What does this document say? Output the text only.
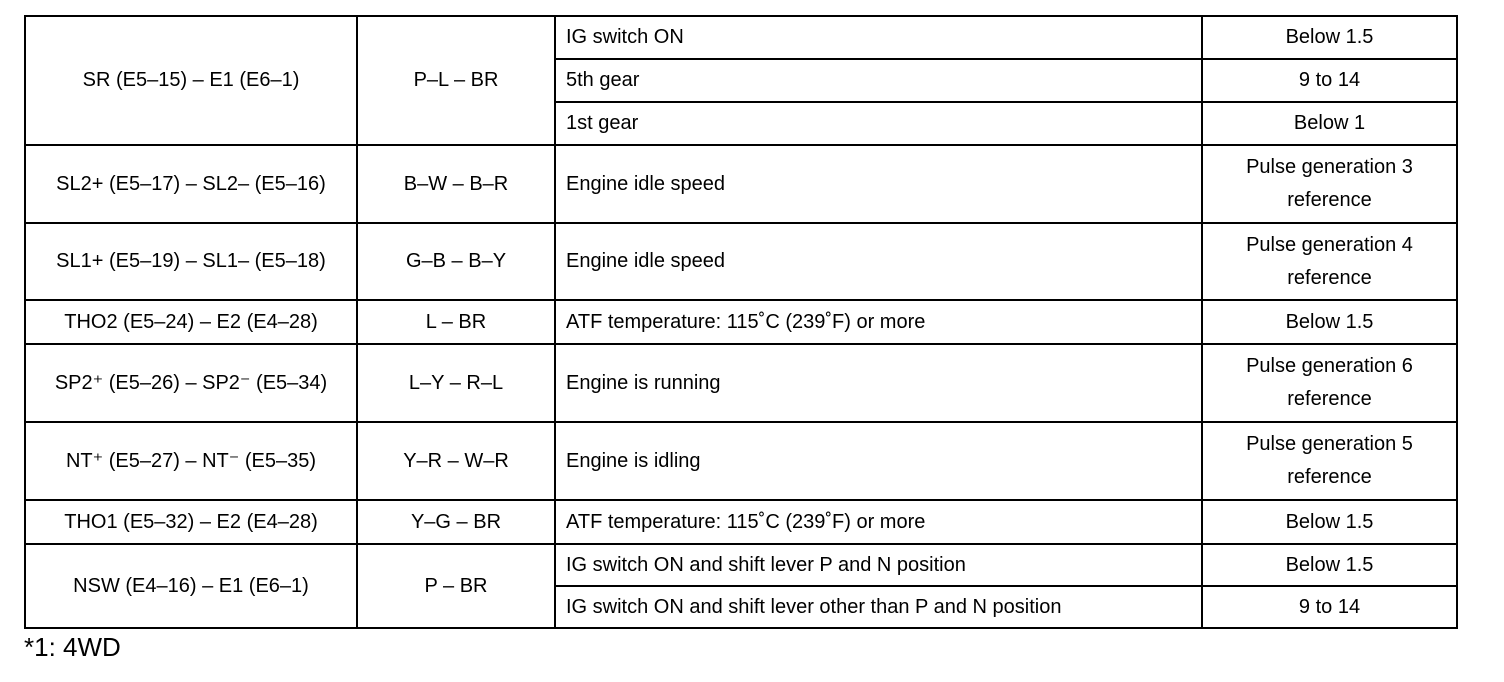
SR (E5–15) – E1 (E6–1)	P–L – BR	IG switch ON	Below 1.5
		5th gear	9 to 14
		1st gear	Below 1
SL2+ (E5–17) – SL2– (E5–16)	B–W – B–R	Engine idle speed	Pulse generation 3 reference
SL1+ (E5–19) – SL1– (E5–18)	G–B – B–Y	Engine idle speed	Pulse generation 4 reference
THO2 (E5–24) – E2 (E4–28)	L – BR	ATF temperature: 115˚C (239˚F) or more	Below 1.5
SP2⁺ (E5–26) – SP2⁻ (E5–34)	L–Y – R–L	Engine is running	Pulse generation 6 reference
NT⁺ (E5–27) – NT⁻ (E5–35)	Y–R – W–R	Engine is idling	Pulse generation 5 reference
THO1 (E5–32) – E2 (E4–28)	Y–G – BR	ATF temperature: 115˚C (239˚F) or more	Below 1.5
NSW (E4–16) – E1 (E6–1)	P – BR	IG switch ON and shift lever P and N position	Below 1.5
		IG switch ON and shift lever other than P and N position	9 to 14
*1: 4WD
